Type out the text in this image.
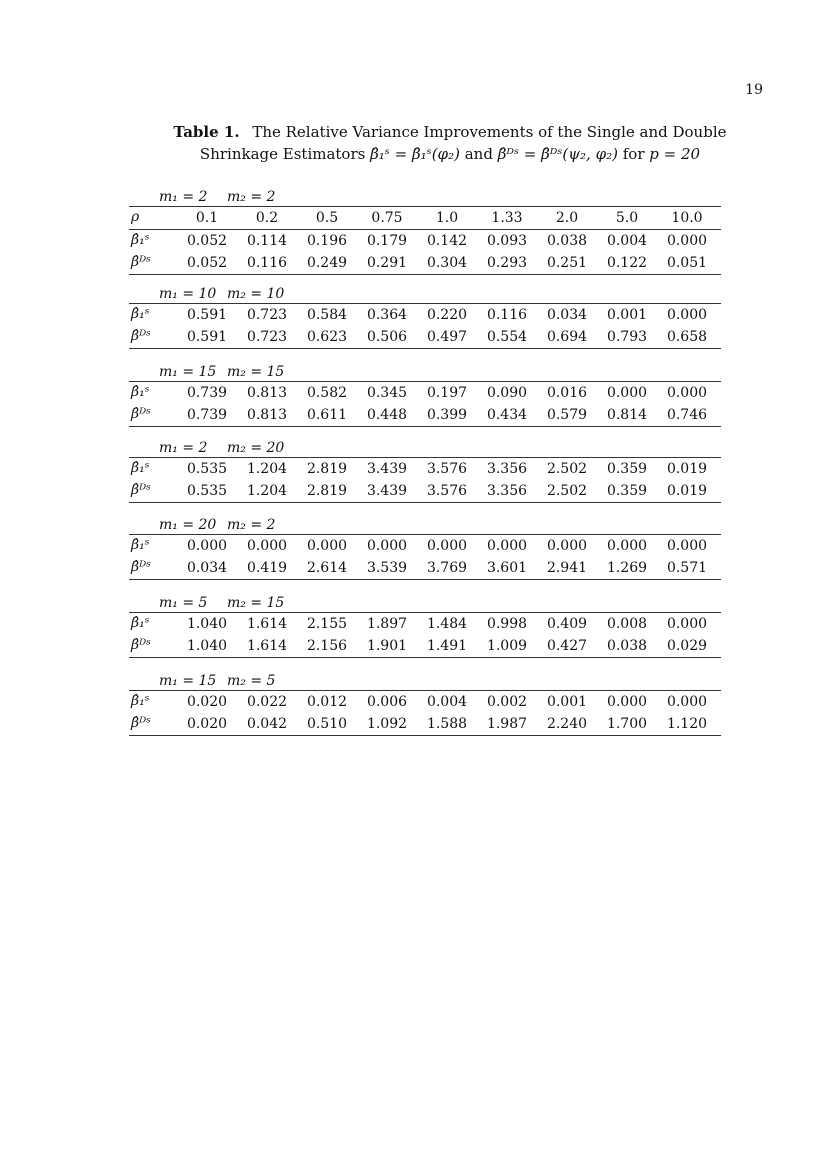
19
Table 1. The Relative Variance Improvements of the Single and Double
Shrinkage Estimators β̂₁ˢ = β̂₁ˢ(φ₂) and β̂ᴰˢ = β̂ᴰˢ(ψ₂, φ₂) for p = 20
m₁ = 2 m₂ = 2
ρ	0.1	0.2	0.5	0.75	1.0	1.33	2.0	5.0	10.0
β̂₁ˢ	0.052	0.114	0.196	0.179	0.142	0.093	0.038	0.004	0.000
β̂ᴰˢ	0.052	0.116	0.249	0.291	0.304	0.293	0.251	0.122	0.051
m₁ = 10 m₂ = 10
β̂₁ˢ	0.591	0.723	0.584	0.364	0.220	0.116	0.034	0.001	0.000
β̂ᴰˢ	0.591	0.723	0.623	0.506	0.497	0.554	0.694	0.793	0.658
m₁ = 15 m₂ = 15
β̂₁ˢ	0.739	0.813	0.582	0.345	0.197	0.090	0.016	0.000	0.000
β̂ᴰˢ	0.739	0.813	0.611	0.448	0.399	0.434	0.579	0.814	0.746
m₁ = 2 m₂ = 20
β̂₁ˢ	0.535	1.204	2.819	3.439	3.576	3.356	2.502	0.359	0.019
β̂ᴰˢ	0.535	1.204	2.819	3.439	3.576	3.356	2.502	0.359	0.019
m₁ = 20 m₂ = 2
β̂₁ˢ	0.000	0.000	0.000	0.000	0.000	0.000	0.000	0.000	0.000
β̂ᴰˢ	0.034	0.419	2.614	3.539	3.769	3.601	2.941	1.269	0.571
m₁ = 5 m₂ = 15
β̂₁ˢ	1.040	1.614	2.155	1.897	1.484	0.998	0.409	0.008	0.000
β̂ᴰˢ	1.040	1.614	2.156	1.901	1.491	1.009	0.427	0.038	0.029
m₁ = 15 m₂ = 5
β̂₁ˢ	0.020	0.022	0.012	0.006	0.004	0.002	0.001	0.000	0.000
β̂ᴰˢ	0.020	0.042	0.510	1.092	1.588	1.987	2.240	1.700	1.120
